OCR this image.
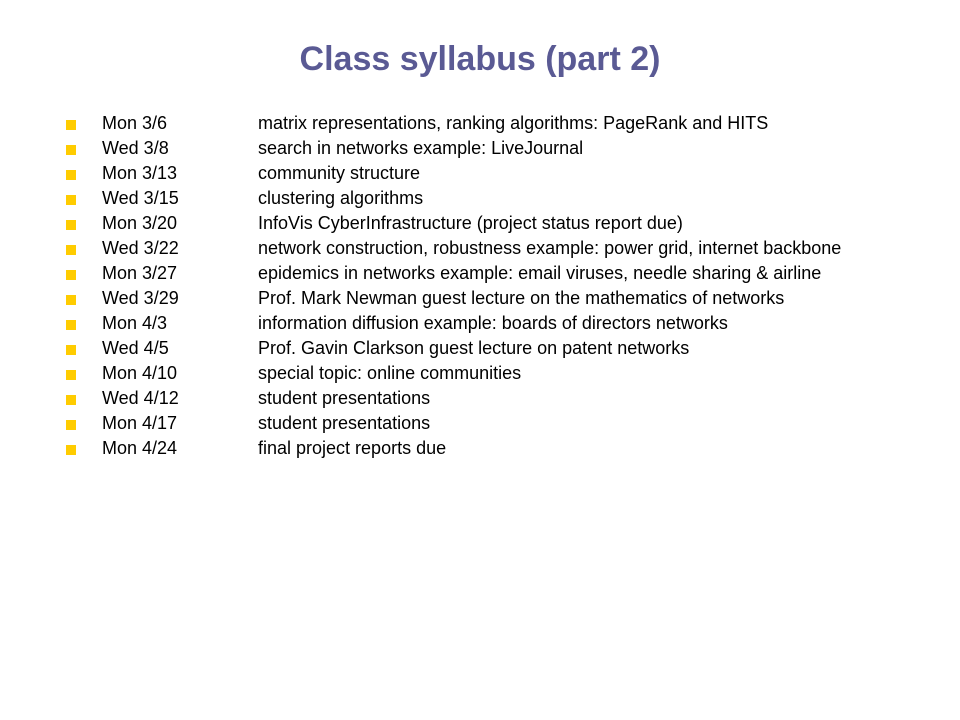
Class syllabus (part 2)
Mon 3/6	matrix representations, ranking algorithms: PageRank and HITS
Wed 3/8	search in networks example: LiveJournal
Mon 3/13	community structure
Wed 3/15	clustering algorithms
Mon 3/20	InfoVis CyberInfrastructure (project status report due)
Wed 3/22	network construction, robustness example: power grid, internet backbone
Mon 3/27	epidemics in networks example: email viruses, needle sharing & airline
Wed 3/29	Prof. Mark Newman guest lecture on the mathematics of networks
Mon 4/3	information diffusion example: boards of directors networks
Wed 4/5	Prof. Gavin Clarkson guest lecture on patent networks
Mon 4/10	special topic: online communities
Wed 4/12	student presentations
Mon 4/17	student presentations
Mon 4/24	final project reports due
